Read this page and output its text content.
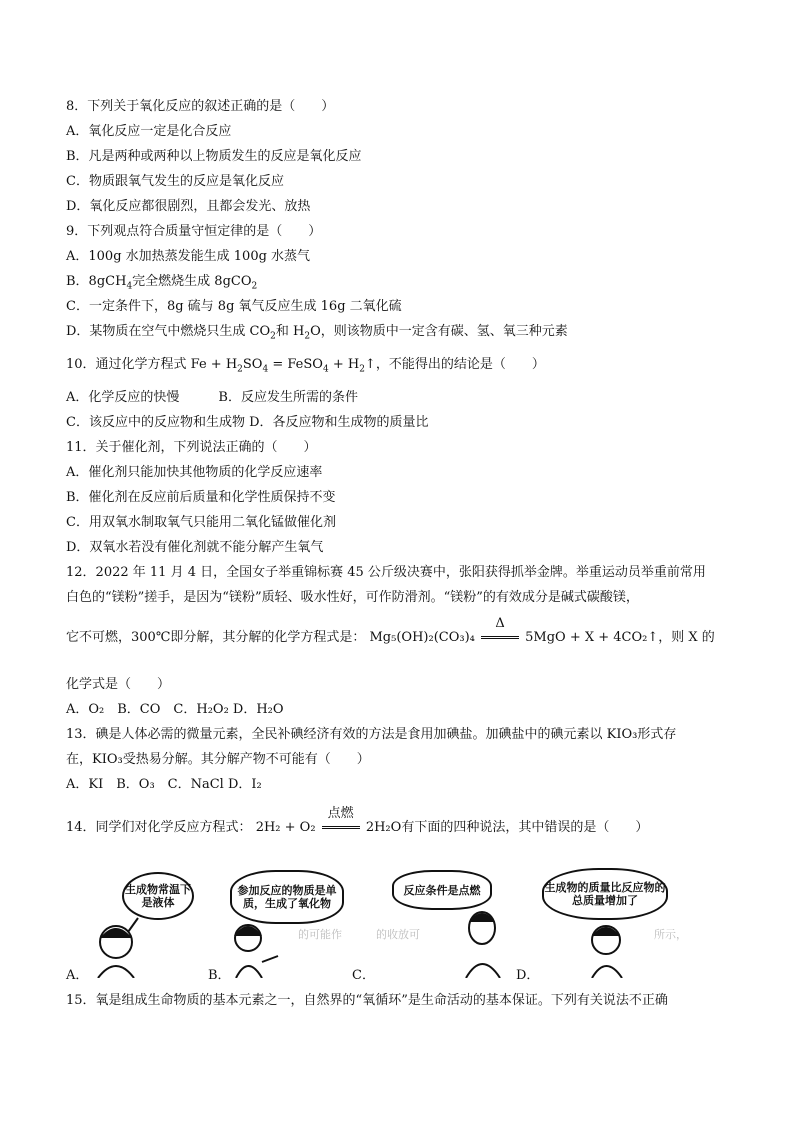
8．下列关于氧化反应的叙述正确的是（　　）
A．氧化反应一定是化合反应
B．凡是两种或两种以上物质发生的反应是氧化反应
C．物质跟氧气发生的反应是氧化反应
D．氧化反应都很剧烈，且都会发光、放热
9．下列观点符合质量守恒定律的是（　　）
A．100g 水加热蒸发能生成 100g 水蒸气
B．8gCH$_4$完全燃烧生成 8gCO$_2$
C．一定条件下，8g 硫与 8g 氧气反应生成 16g 二氧化硫
D．某物质在空气中燃烧只生成 $CO_2$和 $H_2O$，则该物质中一定含有碳、氢、氧三种元素
10．通过化学方程式 $Fe + H_2SO_4$ = FeSO$_4$ + $H_2↑$，不能得出的结论是（　　）
A．化学反应的快慢　　　B．反应发生所需的条件
C．该反应中的反应物和生成物 D．各反应物和生成物的质量比
11．关于催化剂，下列说法正确的（　　）
A．催化剂只能加快其他物质的化学反应速率
B．催化剂在反应前后质量和化学性质保持不变
C．用双氧水制取氧气只能用二氧化锰做催化剂
D．双氧水若没有催化剂就不能分解产生氧气
12．2022 年 11 月 4 日，全国女子举重锦标赛 45 公斤级决赛中，张阳获得抓举金牌。举重运动员举重前常用
白色的“镁粉”搓手，是因为“镁粉”质轻、吸水性好，可作防滑剂。“镁粉”的有效成分是碱式碳酸镁，
它不可燃，300℃即分解，其分解的化学方程式是： Mg₅(OH)₂(CO₃)₄
Δ
5MgO + X + 4CO₂↑，则 X 的
化学式是（　　）
A．O₂　B．CO　C．H₂O₂ D．H₂O
13．碘是人体必需的微量元素，全民补碘经济有效的方法是食用加碘盐。加碘盐中的碘元素以 KIO₃形式存
在，KIO₃受热易分解。其分解产物不可能有（　　）
A．KI　B．O₃　C．NaCl D．I₂
14．同学们对化学反应方程式： 2H₂ + O₂
点燃
2H₂O有下面的四种说法，其中错误的是（　　）
A．
生成物常温下是液体
B．
的可能作
参加反应的物质是单质，生成了氧化物
C．
的收放可
反应条件是点燃
D．
所示，
生成物的质量比反应物的总质量增加了
15．氧是组成生命物质的基本元素之一，自然界的“氧循环”是生命活动的基本保证。下列有关说法不正确
